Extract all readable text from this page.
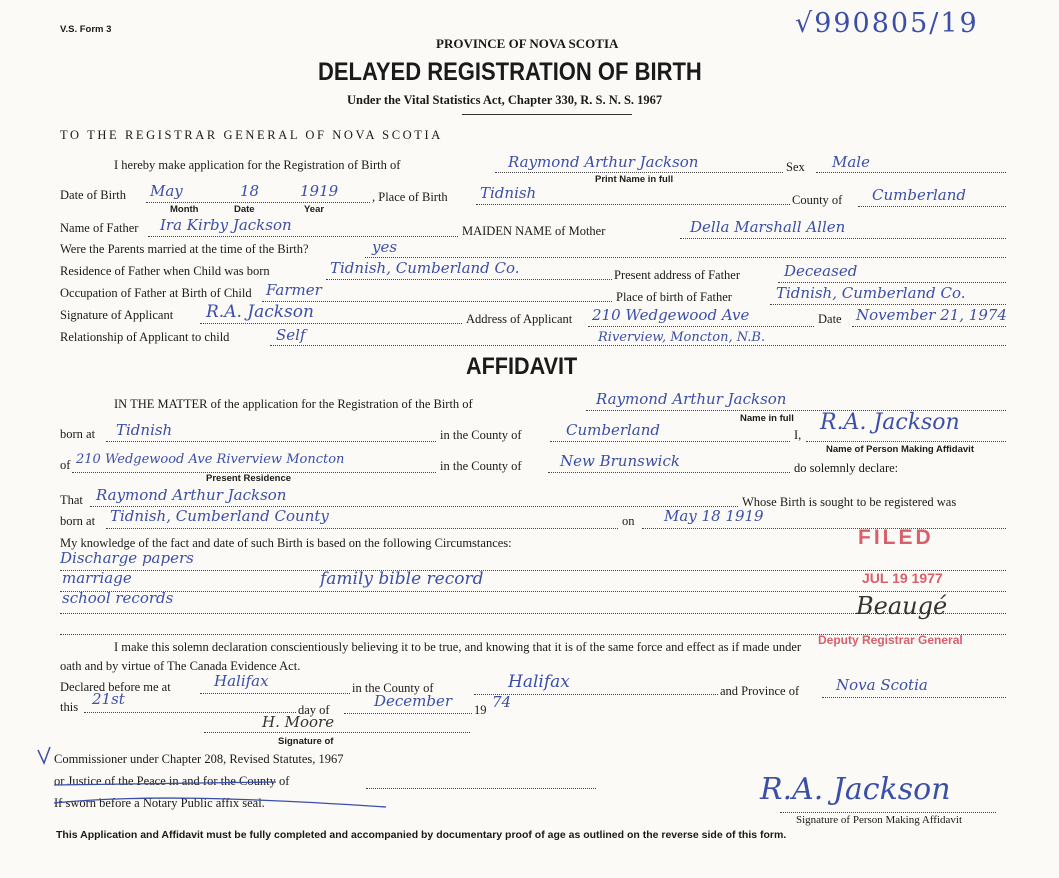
V.S. Form 3	√990805/19
PROVINCE OF NOVA SCOTIA
DELAYED REGISTRATION OF BIRTH
Under the Vital Statistics Act, Chapter 330, R. S. N. S. 1967
TO THE REGISTRAR GENERAL OF NOVA SCOTIA
I hereby make application for the Registration of Birth of	Raymond Arthur Jackson	Sex Male
Print Name in full
Date of Birth May	18	1919
Month	Date	Year
, Place of Birth Tidnish	County of Cumberland
Name of Father Ira Kirby Jackson	MAIDEN NAME of Mother	Della Marshall Allen
Were the Parents married at the time of the Birth?	yes
Residence of Father when Child was born	Tidnish, Cumberland Co.	Present address of Father	Deceased
Occupation of Father at Birth of Child Farmer	Place of birth of Father	Tidnish, Cumberland Co.
Signature of Applicant R.A. Jackson	Address of Applicant 210 Wedgewood Ave	Date November 21, 1974
Relationship of Applicant to child	Self	Riverview, Moncton, N.B.
AFFIDAVIT
IN THE MATTER of the application for the Registration of the Birth of	Raymond Arthur Jackson
Name in full
born at Tidnish	in the County of	Cumberland	I, R.A. Jackson
Name of Person Making Affidavit
of 210 Wedgewood Ave Riverview Moncton
Present Residence
in the County of	New Brunswick	do solemnly declare:
That Raymond Arthur Jackson	Whose Birth is sought to be registered was
born at Tidnish, Cumberland County	on May 18 1919
My knowledge of the fact and date of such Birth is based on the following Circumstances:
Discharge papers
marriage	family bible record
school records
FILED
JUL 19 1977
Beaugé
Deputy Registrar General
I make this solemn declaration conscientiously believing it to be true, and knowing that it is of the same force and effect as if made under
oath and by virtue of The Canada Evidence Act.
Declared before me at	Halifax	in the County of	Halifax	and Province of Nova Scotia
this 21st
day of	December 19 74
H. Moore
Signature of
Commissioner under Chapter 208, Revised Statutes, 1967
or Justice of the Peace in and for the County of
If sworn before a Notary Public affix seal.	R.A. Jackson
Signature of Person Making Affidavit
This Application and Affidavit must be fully completed and accompanied by documentary proof of age as outlined on the reverse side of this form.
